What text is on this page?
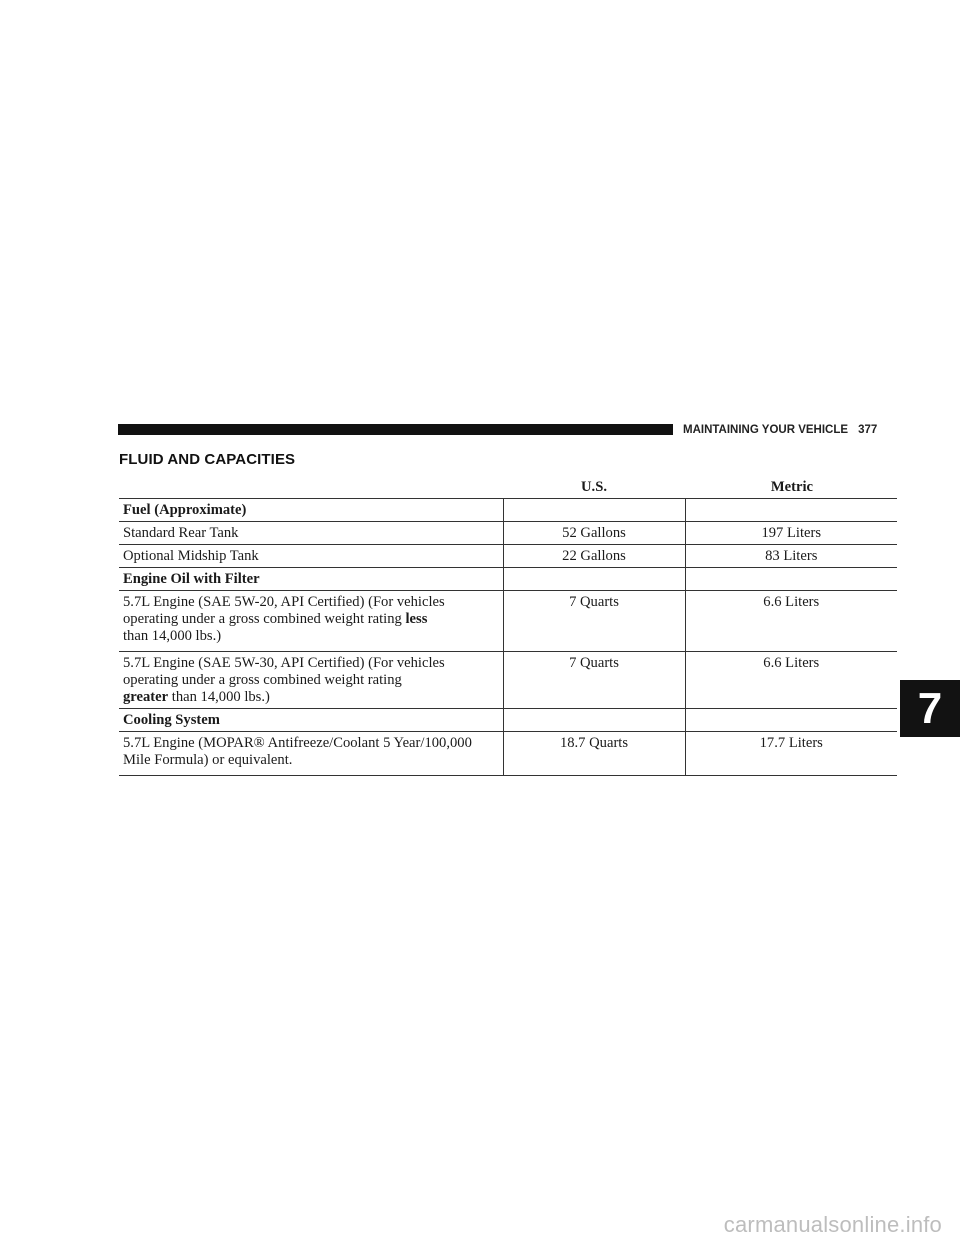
MAINTAINING YOUR VEHICLE 377
FLUID AND CAPACITIES
	U.S.	Metric
Fuel (Approximate)		
Standard Rear Tank	52 Gallons	197 Liters
Optional Midship Tank	22 Gallons	83 Liters
Engine Oil with Filter		
5.7L Engine (SAE 5W-20, API Certified) (For vehicles operating under a gross combined weight rating less
than 14,000 lbs.)	7 Quarts	6.6 Liters
5.7L Engine (SAE 5W-30, API Certified) (For vehicles operating under a gross combined weight rating
greater than 14,000 lbs.)	7 Quarts	6.6 Liters
Cooling System		
5.7L Engine (MOPAR® Antifreeze/Coolant 5 Year/100,000 Mile Formula) or equivalent.	18.7 Quarts	17.7 Liters
7
carmanualsonline.info
